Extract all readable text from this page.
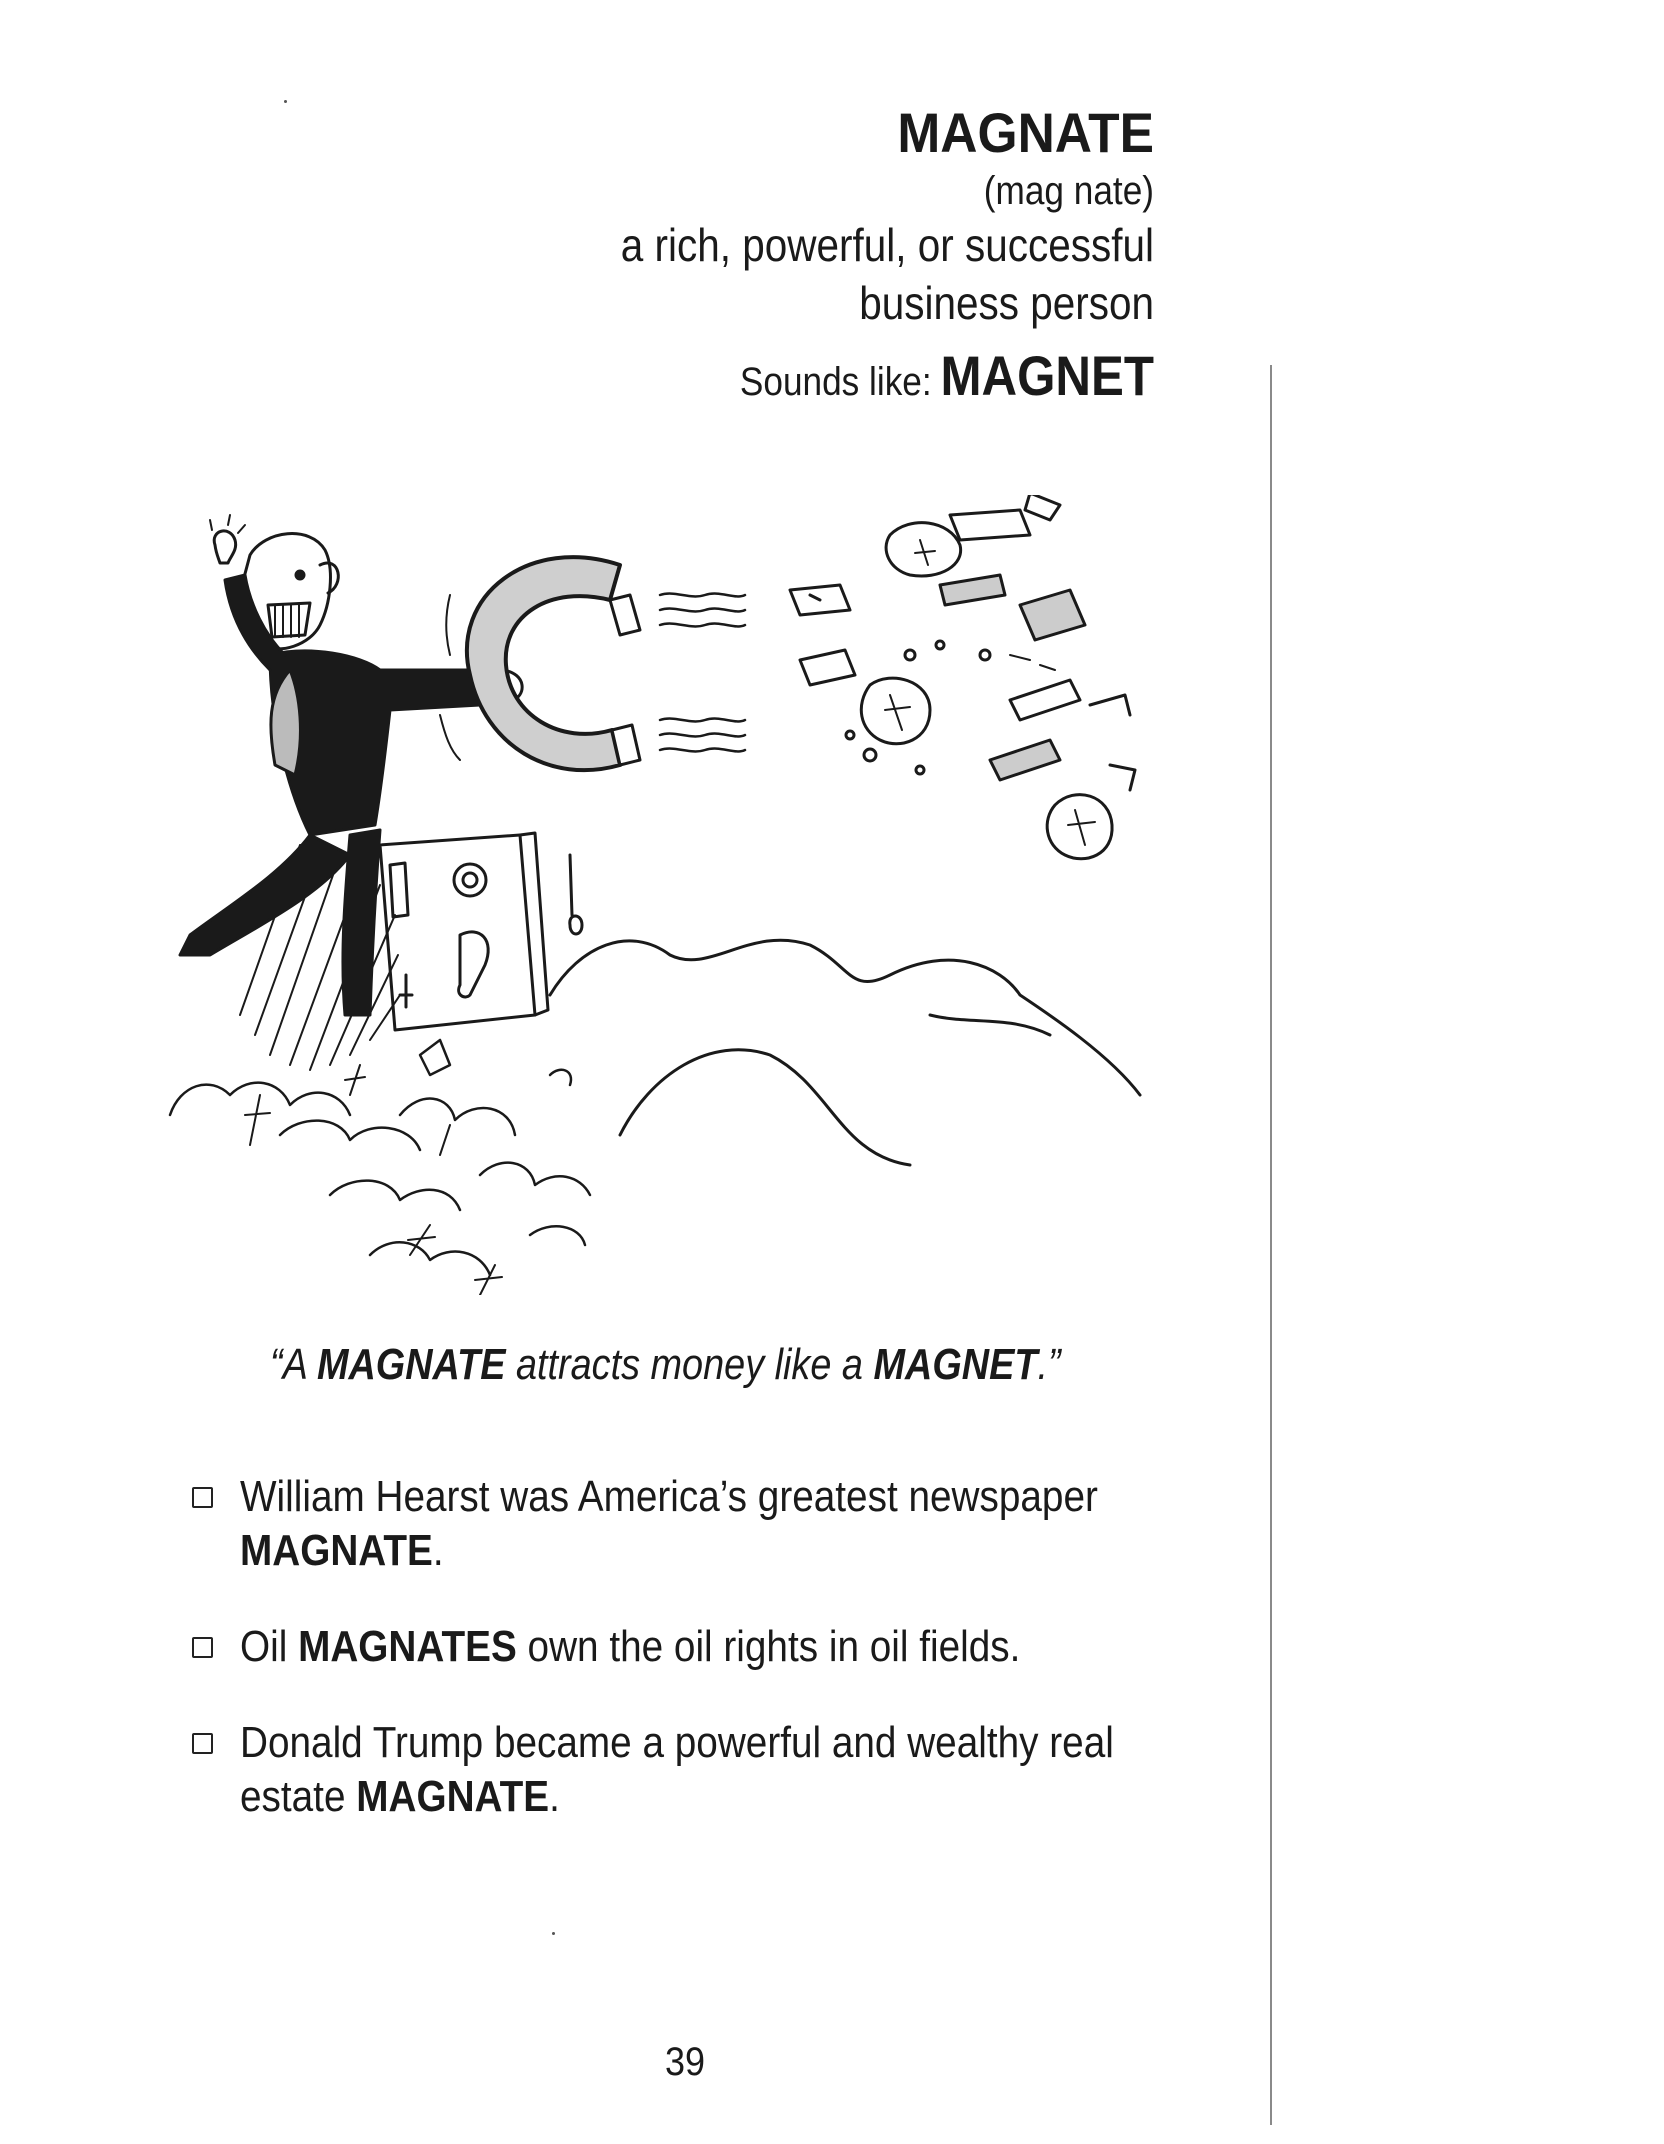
MAGNATE
(mag nate)
a rich, powerful, or successful
business person
Sounds like: MAGNET
“A MAGNATE attracts money like a MAGNET.”
William Hearst was America’s greatest newspaper MAGNATE.
Oil MAGNATES own the oil rights in oil fields.
Donald Trump became a powerful and wealthy real estate MAGNATE.
39
